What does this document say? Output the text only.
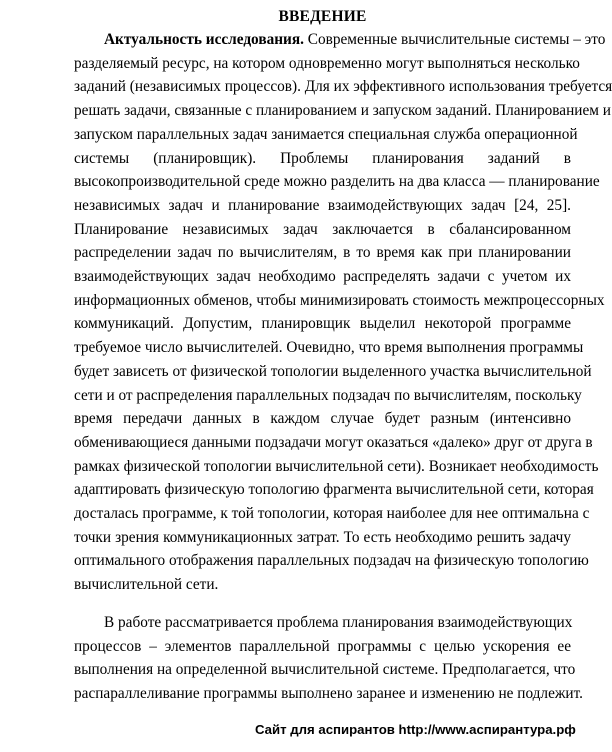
ВВЕДЕНИЕ
Актуальность исследования. Современные вычислительные системы – это
разделяемый ресурс, на котором одновременно могут выполняться несколько
заданий (независимых процессов). Для их эффективного использования требуется
решать задачи, связанные с планированием и запуском заданий. Планированием и
запуском параллельных задач занимается специальная служба операционной
системы (планировщик). Проблемы планирования заданий в
высокопроизводительной среде можно разделить на два класса — планирование
независимых задач и планирование взаимодействующих задач [24, 25].
Планирование независимых задач заключается в сбалансированном
распределении задач по вычислителям, в то время как при планировании
взаимодействующих задач необходимо распределять задачи с учетом их
информационных обменов, чтобы минимизировать стоимость межпроцессорных
коммуникаций. Допустим, планировщик выделил некоторой программе
требуемое число вычислителей. Очевидно, что время выполнения программы
будет зависеть от физической топологии выделенного участка вычислительной
сети и от распределения параллельных подзадач по вычислителям, поскольку
время передачи данных в каждом случае будет разным (интенсивно
обменивающиеся данными подзадачи могут оказаться «далеко» друг от друга в
рамках физической топологии вычислительной сети). Возникает необходимость
адаптировать физическую топологию фрагмента вычислительной сети, которая
досталась программе, к той топологии, которая наиболее для нее оптимальна с
точки зрения коммуникационных затрат. То есть необходимо решить задачу
оптимального отображения параллельных подзадач на физическую топологию
вычислительной сети.
В работе рассматривается проблема планирования взаимодействующих
процессов – элементов параллельной программы с целью ускорения ее
выполнения на определенной вычислительной системе. Предполагается, что
распараллеливание программы выполнено заранее и изменению не подлежит.
Сайт для аспирантов http://www.аспирантура.рф
